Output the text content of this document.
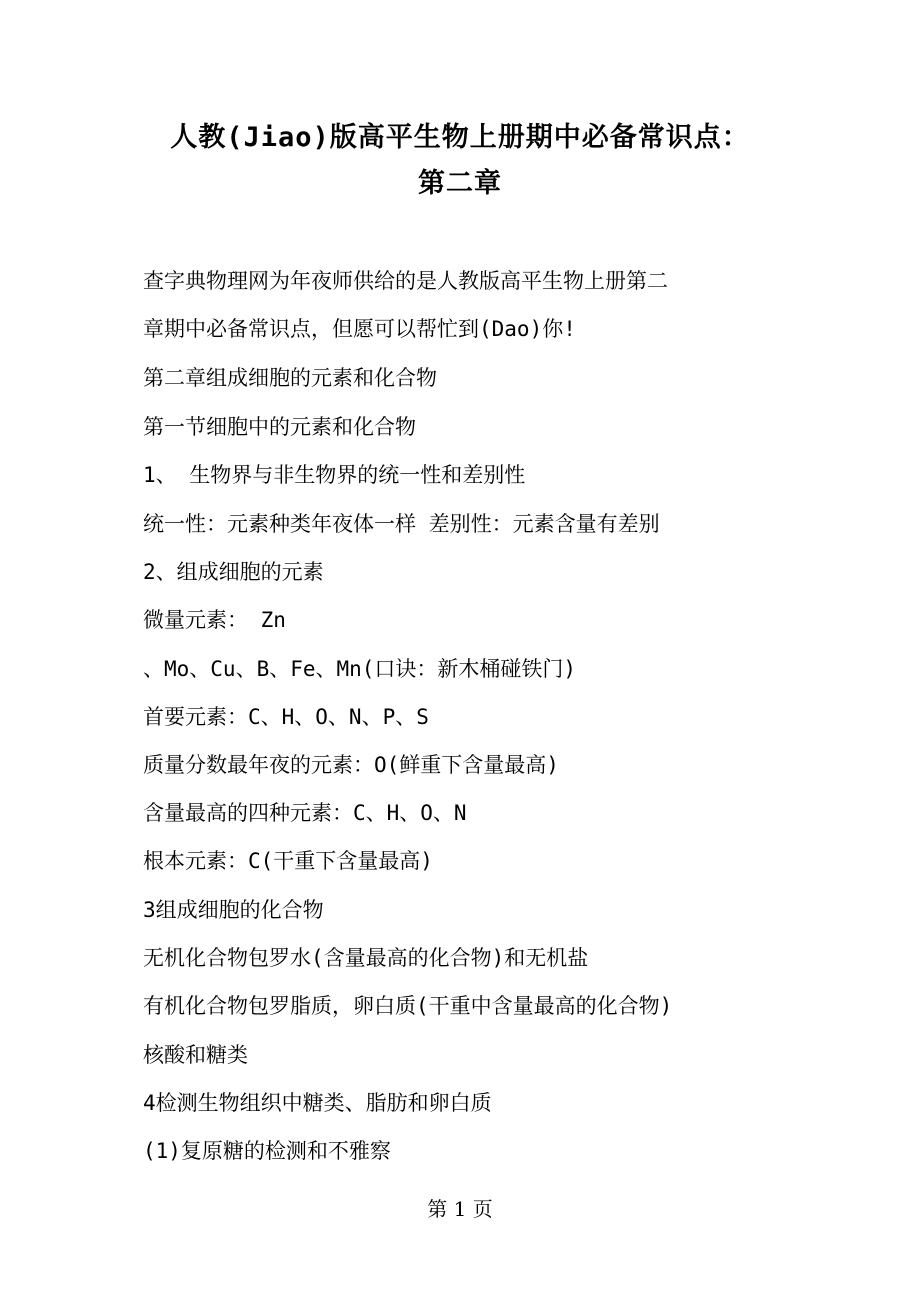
人教(Jiao)版高平生物上册期中必备常识点：
第二章
查字典物理网为年夜师供给的是人教版高平生物上册第二
章期中必备常识点，但愿可以帮忙到(Dao)你!
第二章组成细胞的元素和化合物
第一节细胞中的元素和化合物
1、 生物界与非生物界的统一性和差别性
统一性：元素种类年夜体一样 差别性：元素含量有差别
2、组成细胞的元素
微量元素： Zn
、Mo、Cu、B、Fe、Mn(口诀：新木桶碰铁门)
首要元素：C、H、O、N、P、S
质量分数最年夜的元素：O(鲜重下含量最高)
含量最高的四种元素：C、H、O、N
根本元素：C(干重下含量最高)
3组成细胞的化合物
无机化合物包罗水(含量最高的化合物)和无机盐
有机化合物包罗脂质，卵白质(干重中含量最高的化合物)
核酸和糖类
4检测生物组织中糖类、脂肪和卵白质
(1)复原糖的检测和不雅察
第 1 页
